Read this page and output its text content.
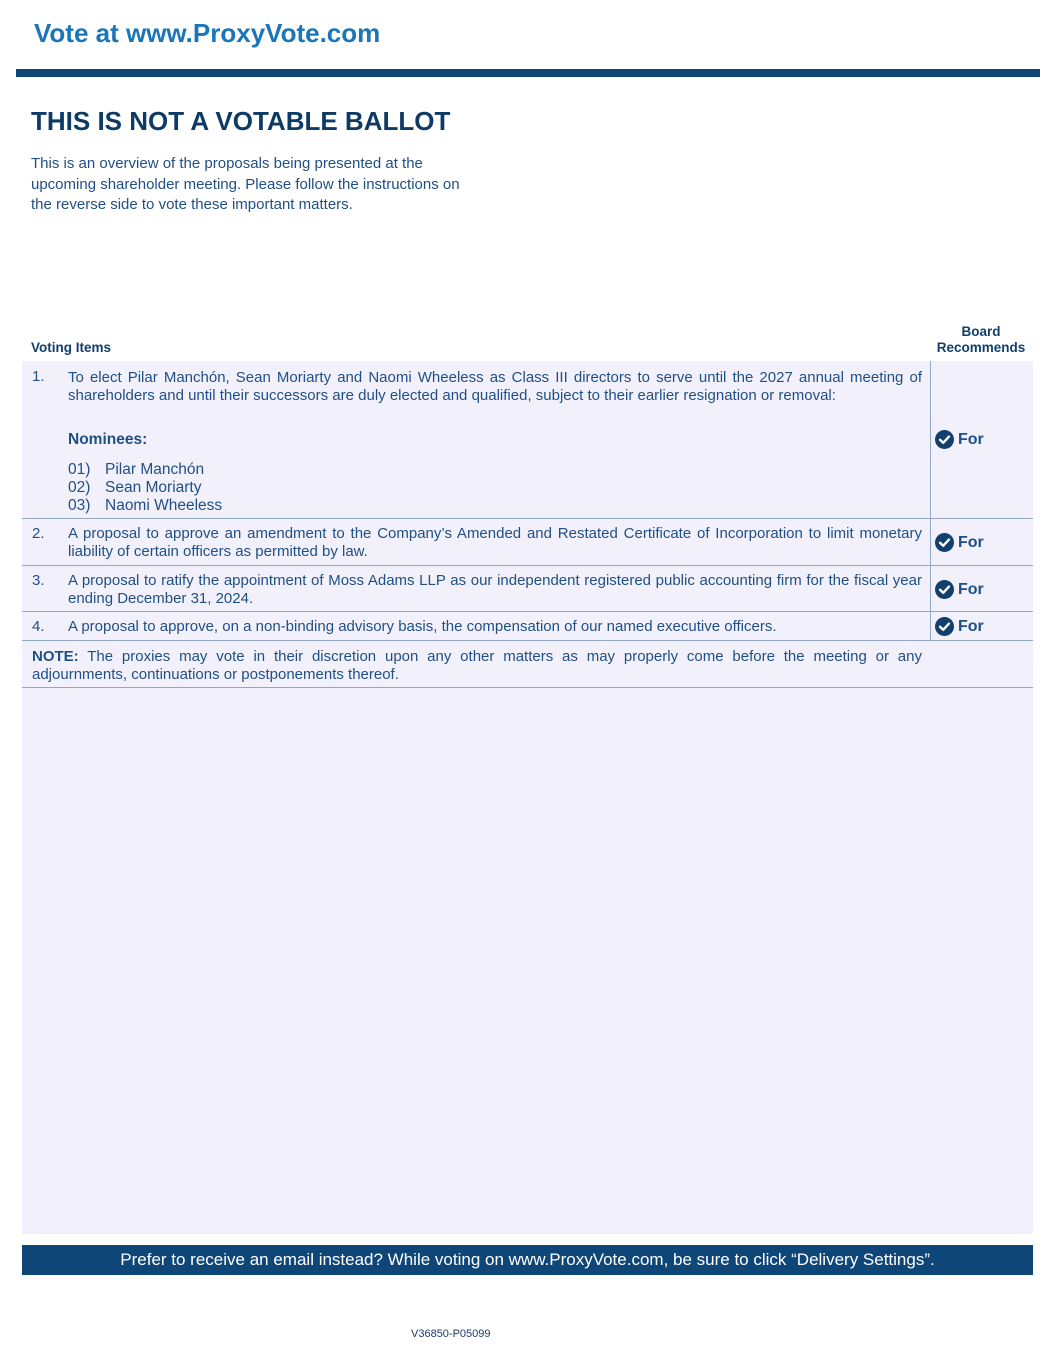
Vote at www.ProxyVote.com
THIS IS NOT A VOTABLE BALLOT
This is an overview of the proposals being presented at the
upcoming shareholder meeting. Please follow the instructions on
the reverse side to vote these important matters.
Voting Items
Board
Recommends
1. To elect Pilar Manchón, Sean Moriarty and Naomi Wheeless as Class III directors to serve until the 2027 annual meeting of shareholders and until their successors are duly elected and qualified, subject to their earlier resignation or removal:
Nominees:
01) Pilar Manchón
02) Sean Moriarty
03) Naomi Wheeless
For
2. A proposal to approve an amendment to the Company’s Amended and Restated Certificate of Incorporation to limit monetary liability of certain officers as permitted by law.
For
3. A proposal to ratify the appointment of Moss Adams LLP as our independent registered public accounting firm for the fiscal year ending December 31, 2024.
For
4. A proposal to approve, on a non-binding advisory basis, the compensation of our named executive officers.	For
NOTE: The proxies may vote in their discretion upon any other matters as may properly come before the meeting or any adjournments, continuations or postponements thereof.
Prefer to receive an email instead? While voting on www.ProxyVote.com, be sure to click “Delivery Settings”.
V36850-P05099
